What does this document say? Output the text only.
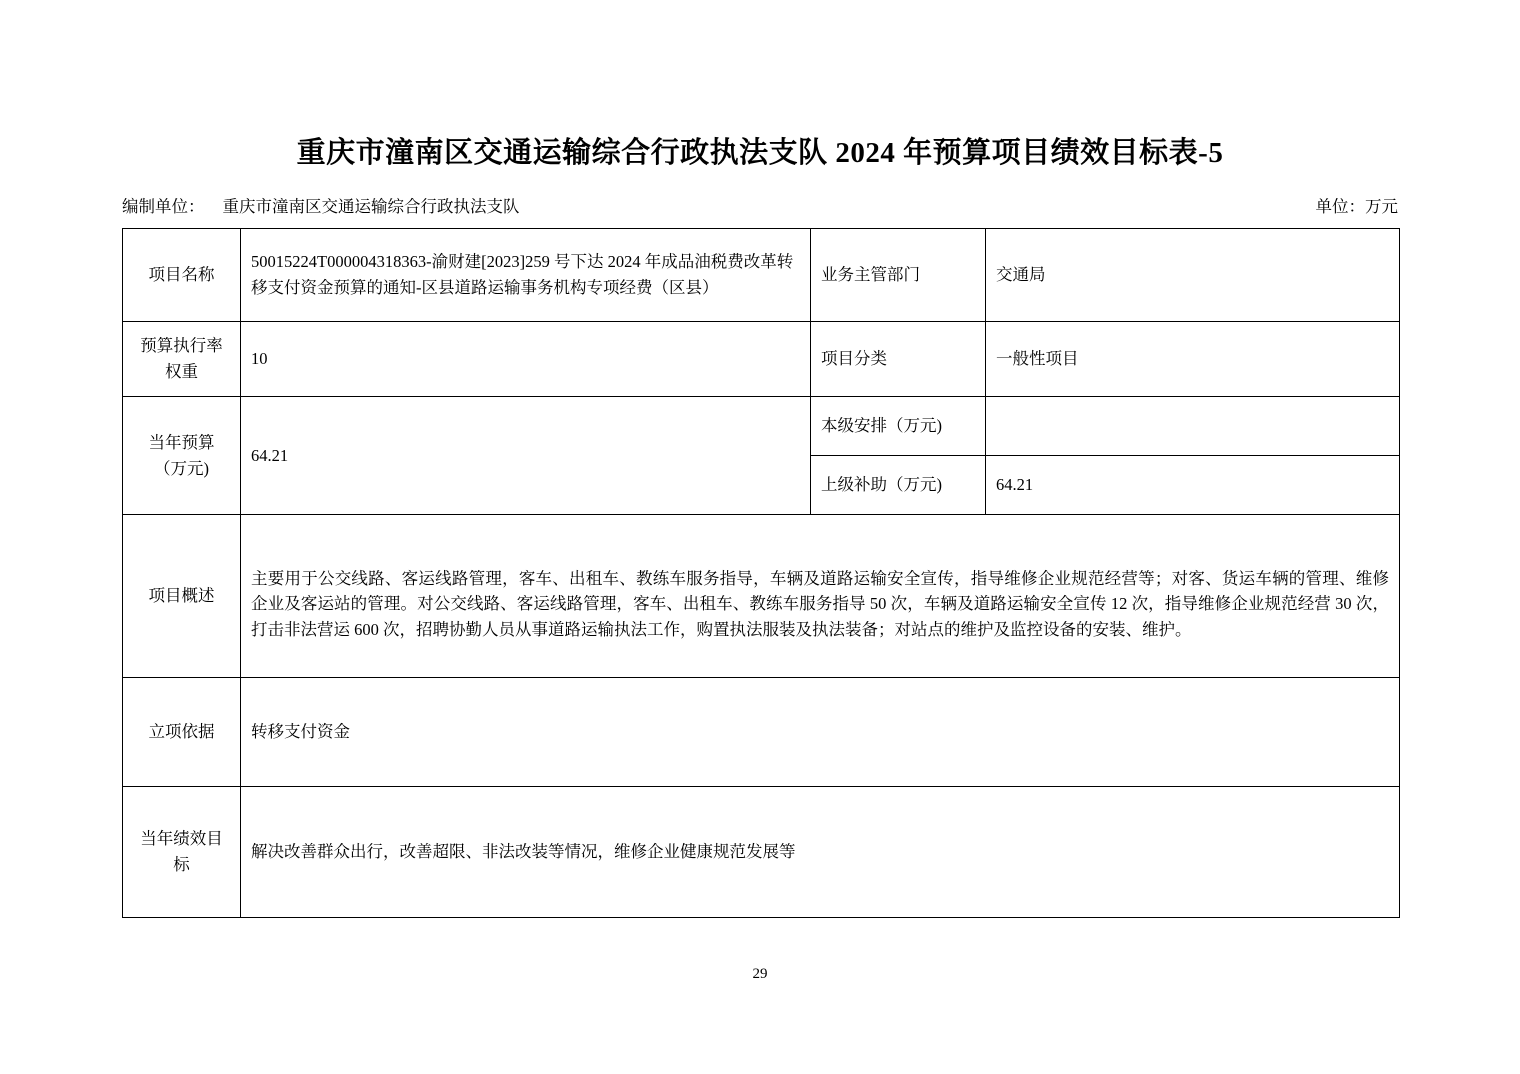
重庆市潼南区交通运输综合行政执法支队 2024 年预算项目绩效目标表-5
编制单位： 重庆市潼南区交通运输综合行政执法支队	单位：万元
项目名称	50015224T000004318363-渝财建[2023]259 号下达 2024 年成品油税费改革转移支付资金预算的通知-区县道路运输事务机构专项经费（区县）	业务主管部门	交通局
预算执行率权重	10	项目分类	一般性项目
当年预算（万元)	64.21	本级安排（万元)	
		上级补助（万元)	64.21
项目概述	主要用于公交线路、客运线路管理，客车、出租车、教练车服务指导，车辆及道路运输安全宣传，指导维修企业规范经营等；对客、货运车辆的管理、维修企业及客运站的管理。对公交线路、客运线路管理，客车、出租车、教练车服务指导 50 次，车辆及道路运输安全宣传 12 次，指导维修企业规范经营 30 次，打击非法营运 600 次，招聘协勤人员从事道路运输执法工作，购置执法服装及执法装备；对站点的维护及监控设备的安装、维护。		
立项依据	转移支付资金		
当年绩效目标	解决改善群众出行，改善超限、非法改装等情况，维修企业健康规范发展等		
29
